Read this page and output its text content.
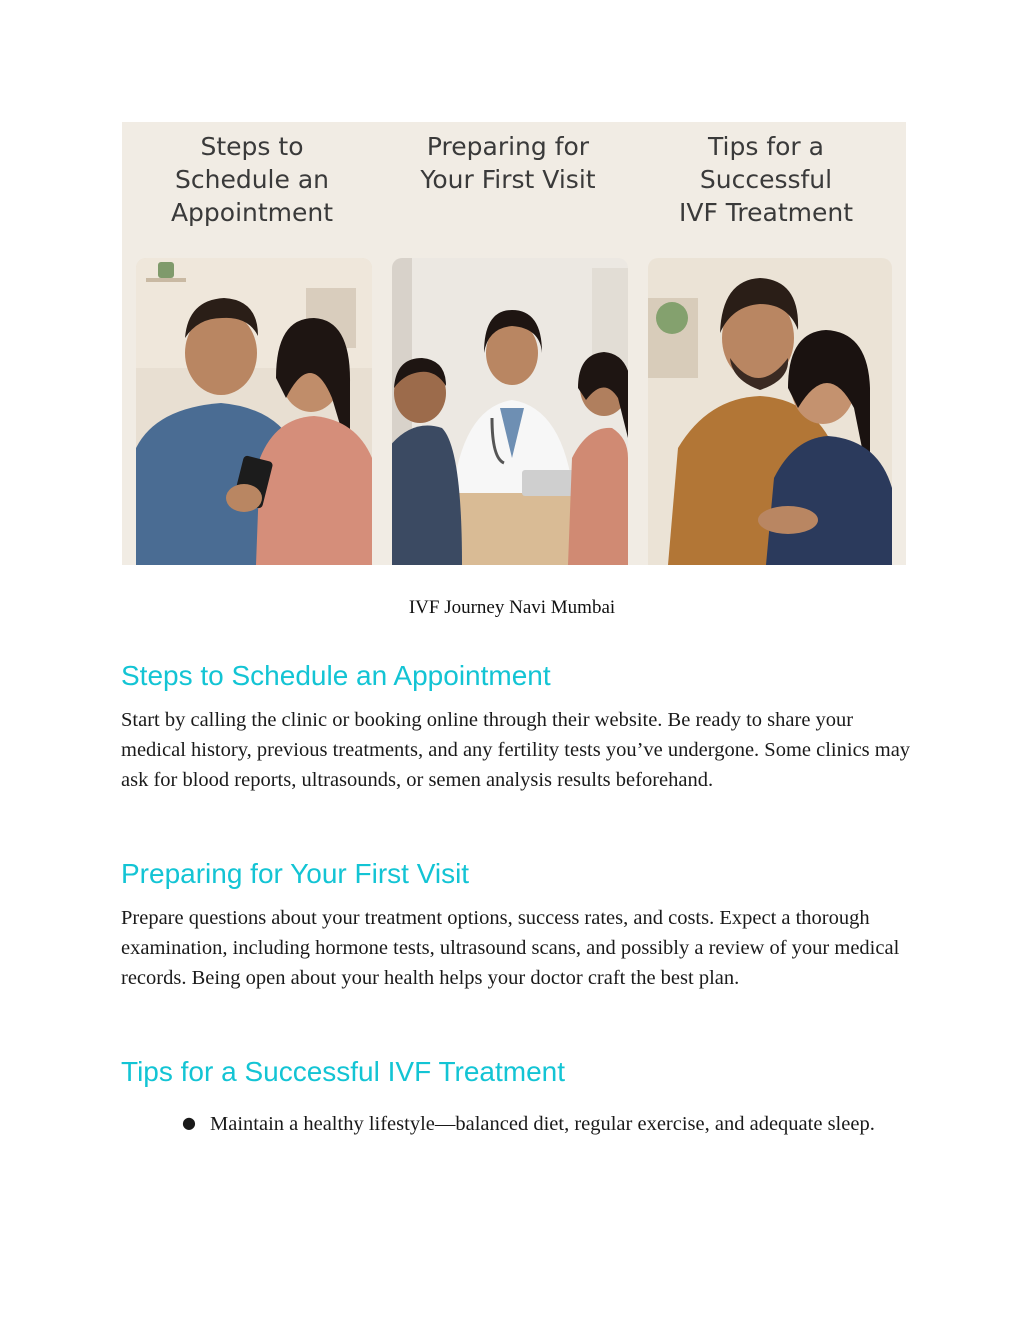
Steps to
Schedule an
Appointment
Preparing for
Your First Visit
Tips for a
Successful
IVF Treatment
IVF Journey Navi Mumbai
Steps to Schedule an Appointment

Start by calling the clinic or booking online through their website. Be ready to share your medical history, previous treatments, and any fertility tests you’ve undergone. Some clinics may ask for blood reports, ultrasounds, or semen analysis results beforehand.

Preparing for Your First Visit

Prepare questions about your treatment options, success rates, and costs. Expect a thorough examination, including hormone tests, ultrasound scans, and possibly a review of your medical records. Being open about your health helps your doctor craft the best plan.

Tips for a Successful IVF Treatment
● Maintain a healthy lifestyle—balanced diet, regular exercise, and adequate sleep.
